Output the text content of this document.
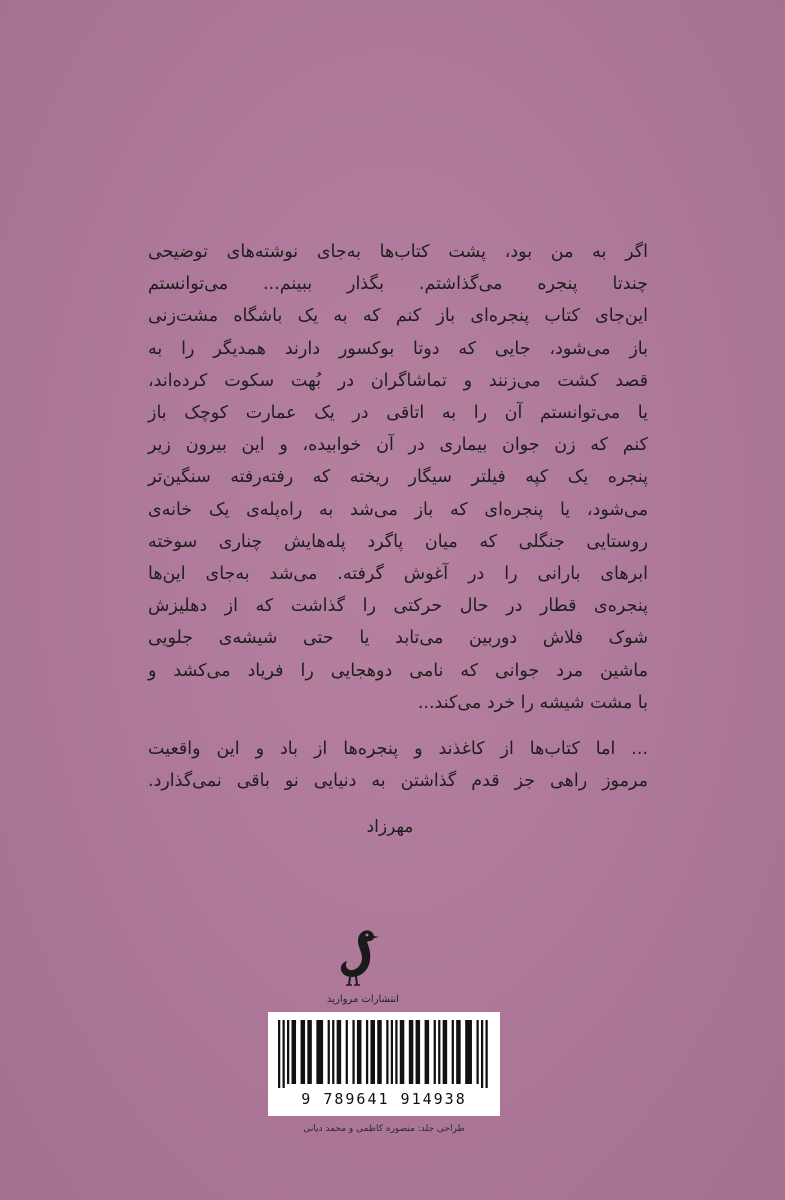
اگر به من بود، پشت کتاب‌ها به‌جای نوشته‌های توضیحی
چندتا پنجره می‌گذاشتم. بگذار ببینم... می‌توانستم
این‌جای کتاب پنجره‌ای باز کنم که به یک باشگاه مشت‌زنی
باز می‌شود، جایی که دوتا بوکسور دارند همدیگر را به
قصد کشت می‌زنند و تماشاگران در بُهت سکوت کرده‌اند،
یا می‌توانستم آن را به اتاقی در یک عمارت کوچک باز
کنم که زن جوان بیماری در آن خوابیده، و این بیرون زیر
پنجره یک کپه فیلتر سیگار ریخته که رفته‌رفته سنگین‌تر
می‌شود، یا پنجره‌ای که باز می‌شد به راه‌پله‌ی یک خانه‌ی
روستایی جنگلی که میان پاگرد پله‌هایش چناری سوخته
ابرهای بارانی را در آغوش گرفته. می‌شد به‌جای این‌ها
پنجره‌ی قطار در حال حرکتی را گذاشت که از دهلیزش
شوک فلاش دوربین می‌تابد یا حتی شیشه‌ی جلویی
ماشین مرد جوانی که نامی دوهجایی را فریاد می‌کشد و
با مشت شیشه را خرد می‌کند...
... اما کتاب‌ها از کاغذند و پنجره‌ها از باد و این واقعیت
مرموز راهی جز قدم گذاشتن به دنیایی نو باقی نمی‌گذارد.
مهرزاد
انتشارات مروارید
9 789641 914938
طراحی جلد: منصوره کاظمی و محمد دیانی
